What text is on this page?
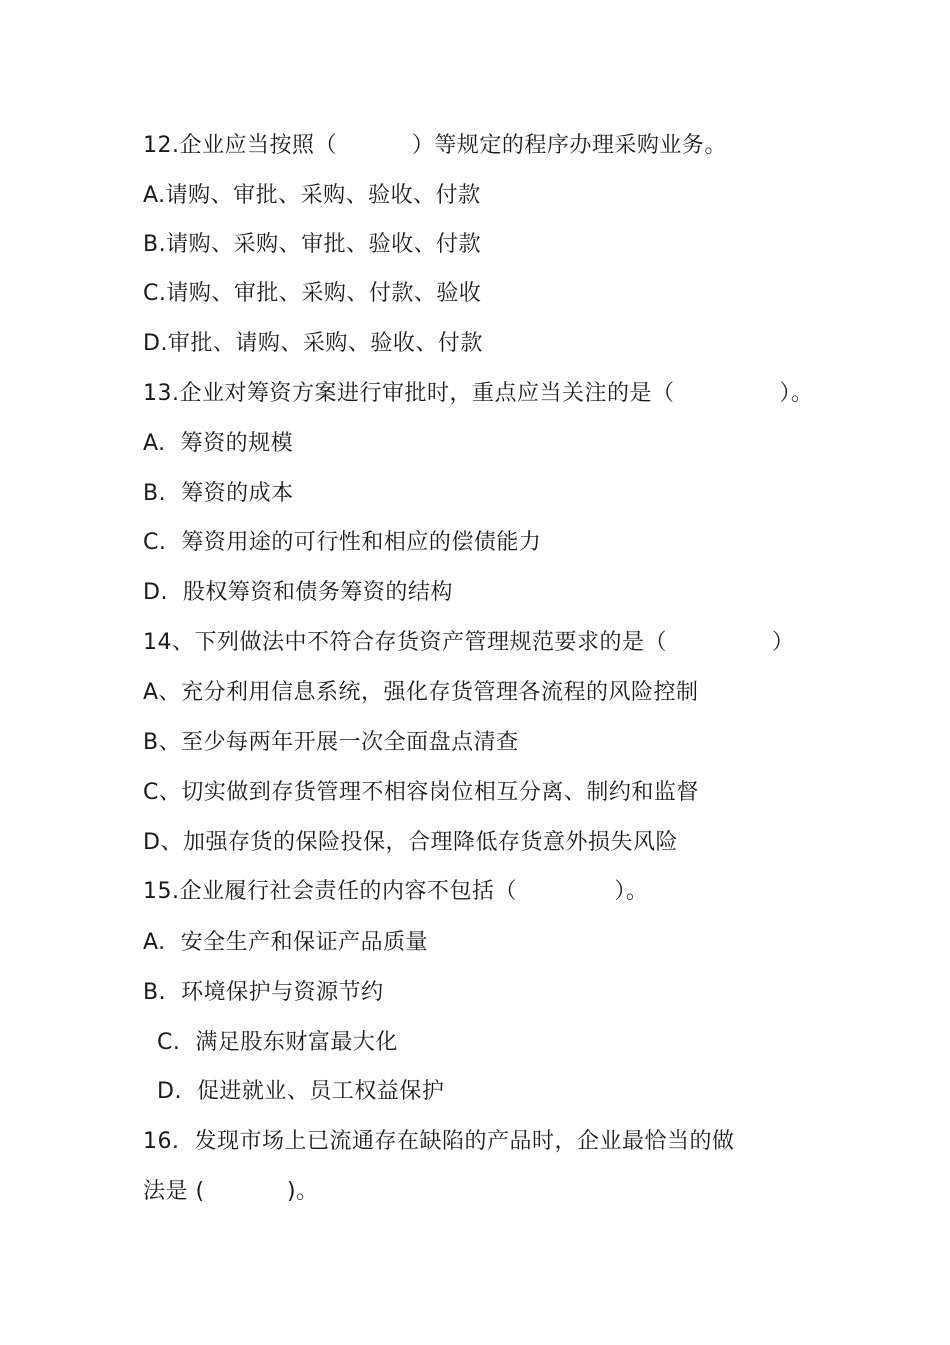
12.企业应当按照（          ）等规定的程序办理采购业务。
A.请购、审批、采购、验收、付款
B.请购、采购、审批、验收、付款
C.请购、审批、采购、付款、验收
D.审批、请购、采购、验收、付款
13.企业对筹资方案进行审批时，重点应当关注的是（              ）。
A.  筹资的规模
B.  筹资的成本
C.  筹资用途的可行性和相应的偿债能力
D.  股权筹资和债务筹资的结构
14、下列做法中不符合存货资产管理规范要求的是（              ）
A、充分利用信息系统，强化存货管理各流程的风险控制
B、至少每两年开展一次全面盘点清查
C、切实做到存货管理不相容岗位相互分离、制约和监督
D、加强存货的保险投保，合理降低存货意外损失风险
15.企业履行社会责任的内容不包括（             ）。
A.  安全生产和保证产品质量
B.  环境保护与资源节约
C.  满足股东财富最大化
D.  促进就业、员工权益保护
16.  发现市场上已流通存在缺陷的产品时，企业最恰当的做
法是 (           )。
